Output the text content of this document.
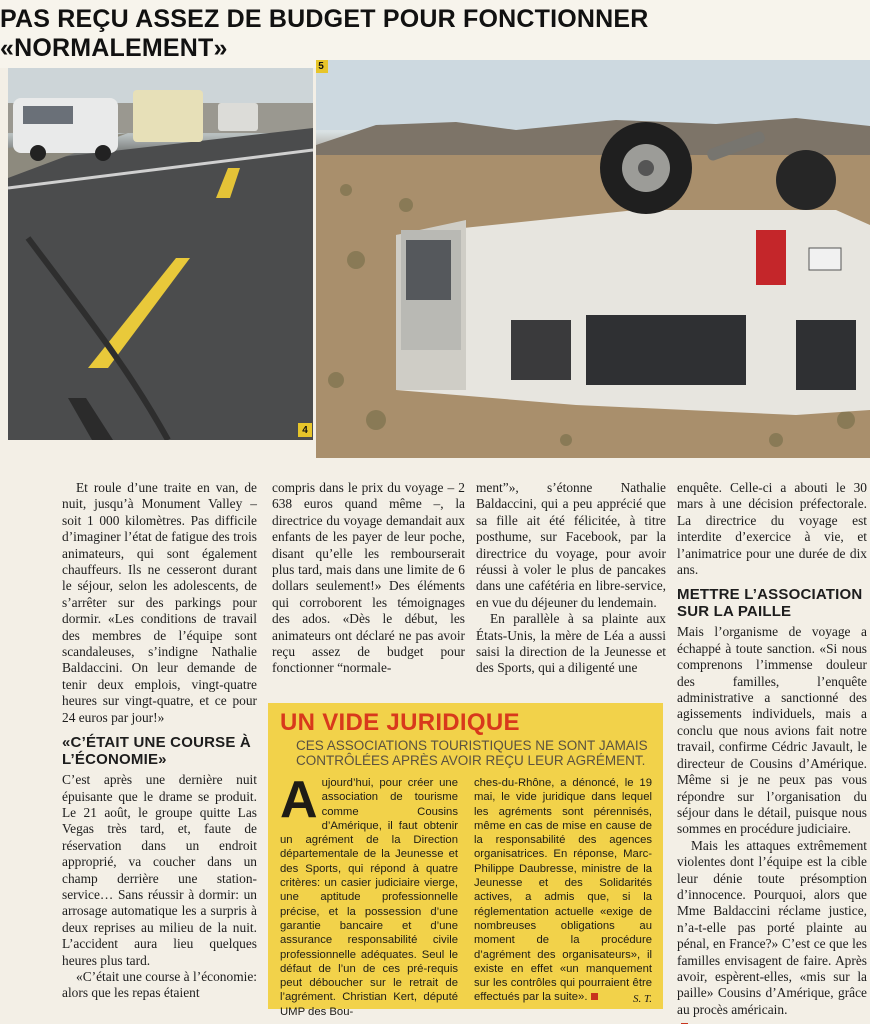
PAS REÇU ASSEZ DE BUDGET POUR FONCTIONNER «NORMALEMENT»
4
5

Et roule d’une traite en van, de nuit, jusqu’à Monument Valley – soit 1 000 kilomètres. Pas difficile d’imaginer l’état de fatigue des trois animateurs, qui sont également chauffeurs. Ils ne cesseront durant le séjour, selon les adolescents, de s’arrêter sur des parkings pour dormir. «Les conditions de travail des membres de l’équipe sont scandaleuses, s’indigne Nathalie Baldaccini. On leur demande de tenir deux emplois, vingt-quatre heures sur vingt-quatre, et ce pour 24 euros par jour!»

«C’ÉTAIT UNE COURSE À L’ÉCONOMIE»

C’est après une dernière nuit épuisante que le drame se produit. Le 21 août, le groupe quitte Las Vegas très tard, et, faute de réservation dans un endroit approprié, va coucher dans un champ derrière une station-service… Sans réussir à dormir: un arrosage automatique les a surpris à deux reprises au milieu de la nuit. L’accident aura lieu quelques heures plus tard.

«C’était une course à l’économie: alors que les repas étaient

compris dans le prix du voyage – 2 638 euros quand même –, la directrice du voyage demandait aux enfants de les payer de leur poche, disant qu’elle les rembourserait plus tard, mais dans une limite de 6 dollars seulement!» Des éléments qui corroborent les témoignages des ados. «Dès le début, les animateurs ont déclaré ne pas avoir reçu assez de budget pour fonctionner “normale-

ment”», s’étonne Nathalie Baldaccini, qui a peu apprécié que sa fille ait été félicitée, à titre posthume, sur Facebook, par la directrice du voyage, pour avoir réussi à voler le plus de pancakes dans une cafétéria en libre-service, en vue du déjeuner du lendemain.

En parallèle à sa plainte aux États-Unis, la mère de Léa a aussi saisi la direction de la Jeunesse et des Sports, qui a diligenté une

enquête. Celle-ci a abouti le 30 mars à une décision préfectorale. La directrice du voyage est interdite d’exercice à vie, et l’animatrice pour une durée de dix ans.

METTRE L’ASSOCIATION SUR LA PAILLE

Mais l’organisme de voyage a échappé à toute sanction. «Si nous comprenons l’immense douleur des familles, l’enquête administrative a sanctionné des agissements individuels, mais a conclu que nous avions fait notre travail, confirme Cédric Javault, le directeur de Cousins d’Amérique. Même si je ne peux pas vous répondre sur l’organisation du séjour dans le détail, puisque nous sommes en procédure judiciaire.

Mais les attaques extrêmement violentes dont l’équipe est la cible leur dénie toute présomption d’innocence. Pourquoi, alors que Mme Baldaccini réclame justice, n’a-t-elle pas porté plainte au pénal, en France?» C’est ce que les familles envisagent de faire. Après avoir, espèrent-elles, «mis sur la paille» Cousins d’Amérique, grâce au procès américain.

UN VIDE JURIDIQUE
CES ASSOCIATIONS TOURISTIQUES NE SONT JAMAIS CONTRÔLÉES APRÈS AVOIR REÇU LEUR AGRÉMENT.
Aujourd’hui, pour créer une association de tourisme comme Cousins d’Amérique, il faut obtenir un agrément de la Direction départementale de la Jeunesse et des Sports, qui répond à quatre critères: un casier judiciaire vierge, une aptitude professionnelle précise, et la possession d’une garantie bancaire et d’une assurance responsabilité civile professionnelle adéquates. Seul le défaut de l’un de ces pré-requis peut déboucher sur le retrait de l’agrément. Christian Kert, député UMP des Bou-
ches-du-Rhône, a dénoncé, le 19 mai, le vide juridique dans lequel les agréments sont pérennisés, même en cas de mise en cause de la responsabilité des agences organisatrices. En réponse, Marc-Philippe Daubresse, ministre de la Jeunesse et des Solidarités actives, a admis que, si la réglementation actuelle «exige de nombreuses obligations au moment de la procédure d’agrément des organisateurs», il existe en effet «un manquement sur les contrôles qui pourraient être effectués par la suite».	S. T.
